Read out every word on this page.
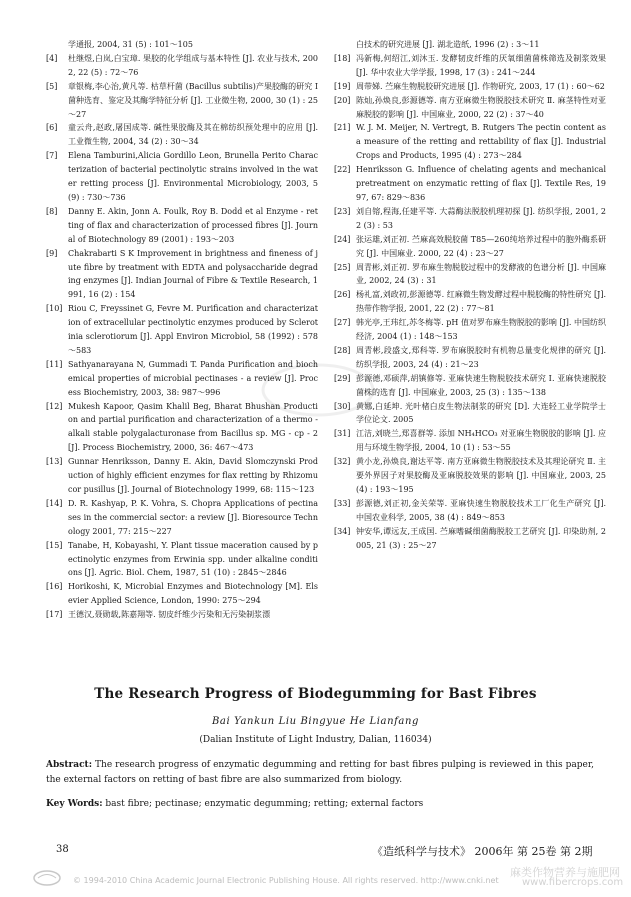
学通报, 2004, 31 (5) : 101～105
[4]	杜继煜,白岚,白宝璋. 果胶的化学组成与基本特性 [J]. 农业与技术, 2002, 22 (5) : 72～76
[5]	章银梅,李心治,黄凡等. 枯草杆菌 (Bacillus subtilis)产果胶酶的研究 Ⅰ 菌种选育、鉴定及其酶学特征分析 [J]. 工业微生物, 2000, 30 (1) : 25～27
[6]	童云舟,赵政,屠国成等. 碱性果胶酶及其在棉纺织预处理中的应用 [J]. 工业微生物, 2004, 34 (2) : 30～34
[7]	Elena Tamburini,Alicia Gordillo Leon, Brunella Perito Characterization of bacterial pectinolytic strains involved in the water retting process [J]. Environmental Microbiology, 2003, 5 (9) : 730～736
[8]	Danny E. Akin, Jonn A. Foulk, Roy B. Dodd et al Enzyme - retting of flax and characterization of processed fibres [J]. Journal of Biotechnology 89 (2001) : 193～203
[9]	Chakrabarti S K Improvement in brightness and fineness of jute fibre by treatment with EDTA and polysaccharide degrading enzymes [J]. Indian Journal of Fibre & Textile Research, 1991, 16 (2) : 154
[10] Riou C, Freyssinet G, Fevre M. Purification and characterization of extracellular pectinolytic enzymes produced by Sclerotinia sclerotiorum [J]. Appl Environ Microbiol, 58 (1992) : 578～583
[11] Sathyanarayana N, Gummadi T. Panda Purification and biochemical properties of microbial pectinases - a review [J]. Process Biochemistry, 2003, 38: 987～996
[12] Mukesh Kapoor, Qasim Khalil Beg, Bharat Bhushan Production and partial purification and characterization of a thermo - alkali stable polygalacturonase from Bacillus sp. MG - cp - 2 [J]. Process Biochemistry, 2000, 36: 467～473
[13] Gunnar Henriksson, Danny E. Akin, David Slomczynski Production of highly efficient enzymes for flax retting by Rhizomucor pusillus [J]. Journal of Biotechnology 1999, 68: 115～123
[14] D. R. Kashyap, P. K. Vohra, S. Chopra Applications of pectinases in the commercial sector: a review [J]. Bioresource Technology 2001, 77: 215～227
[15] Tanabe, H, Kobayashi, Y. Plant tissue maceration caused by pectinolytic enzymes from Erwinia spp. under alkaline conditions [J]. Agric. Biol. Chem, 1987, 51 (10) : 2845～2846
[16] Horikoshi, K, Microbial Enzymes and Biotechnology [M]. Elsevier Applied Science, London, 1990: 275～294
[17] 王德汉,聂勋载,陈嘉翔等. 韧皮纤维少污染和无污染制浆漂
白技术的研究进展 [J]. 湖北造纸, 1996 (2) : 3～11
[18] 冯新梅,何绍江,刘沐玉. 发酵韧皮纤维的厌氧细菌菌株筛选及制浆效果 [J]. 华中农业大学学报, 1998, 17 (3) : 241～244
[19] 周带娣. 苎麻生物脱胶研究进展 [J]. 作物研究, 2003, 17 (1) : 60～62
[20] 陈灿,孙焕良,彭源德等. 南方亚麻微生物脱胶技术研究 Ⅱ. 麻茎特性对亚麻脱胶的影响 [J]. 中国麻业, 2000, 22 (2) : 37～40
[21] W. J. M. Meijer, N. Vertregt, B. Rutgers The pectin content as a measure of the retting and rettability of flax [J]. Industrial Crops and Products, 1995 (4) : 273～284
[22] Henriksson G. Influence of chelating agents and mechanical pretreatment on enzymatic retting of flax [J]. Textile Res, 1997, 67: 829～836
[23] 刘自镕,程海,任建平等. 大蒜酶法脱胶机理初探 [J]. 纺织学报, 2001, 22 (3) : 53
[24] 张运雄,刘正初. 苎麻高效脱胶菌 T85—260纯培养过程中的胞外酶系研究 [J]. 中国麻业. 2000, 22 (4) : 23～27
[25] 周青彬,刘正初. 罗布麻生物脱胶过程中的发酵液的色谱分析 [J]. 中国麻业, 2002, 24 (3) : 31
[26] 杨礼富,刘政初,彭源德等. 红麻微生物发酵过程中脱胶酶的特性研究 [J]. 热带作物学报, 2001, 22 (2) : 77～81
[27] 韩光亭,王玮红,苏冬梅等. pH 值对罗布麻生物脱胶的影响 [J]. 中国纺织经济, 2004 (1) : 148～153
[28] 周青彬,段盛文,郑科等. 罗布麻脱胶时有机物总量变化规律的研究 [J]. 纺织学报, 2003, 24 (4) : 21～23
[29] 彭源德,邓硕萍,胡镇修等. 亚麻快速生物脱胶技术研究 Ⅰ. 亚麻快速脱胶菌株的选育 [J]. 中国麻业, 2003, 25 (3) : 135～138
[30] 黄娜,白延坤. 光叶楮白皮生物法制浆的研究 [D]. 大连轻工业学院学士学位论文. 2005
[31] 江洁,刘晓兰,郑喜群等. 添加 NH₄HCO₃ 对亚麻生物脱胶的影响 [J]. 应用与环境生物学报, 2004, 10 (1) : 53～55
[32] 黄小龙,孙焕良,谢达平等. 南方亚麻微生物脱胶技术及其理论研究 Ⅱ. 主要外界因子对果胶酶及亚麻脱胶效果的影响 [J]. 中国麻业, 2003, 25 (4) : 193～195
[33] 彭源德,刘正初,金关荣等. 亚麻快速生物脱胶技术工厂化生产研究 [J]. 中国农业科学, 2005, 38 (4) : 849～853
[34] 钟安华,谭远友,王成国. 苎麻嗜碱细菌酶脱胶工艺研究 [J]. 印染助剂, 2005, 21 (3) : 25～27
The Research Progress of Biodegumming for Bast Fibres
Bai Yankun Liu Bingyue He Lianfang
(Dalian Institute of Light Industry, Dalian, 116034)
Abstract: The research progress of enzymatic degumming and retting for bast fibres pulping is reviewed in this paper, the external factors on retting of bast fibre are also summarized from biology.
Key Words: bast fibre; pectinase; enzymatic degumming; retting; external factors
38	《造纸科学与技术》 2006年 第 25卷 第 2期
© 1994-2010 China Academic Journal Electronic Publishing House. All rights reserved. http://www.cnki.net
麻类作物营养与施肥网
www.fibercrops.com
